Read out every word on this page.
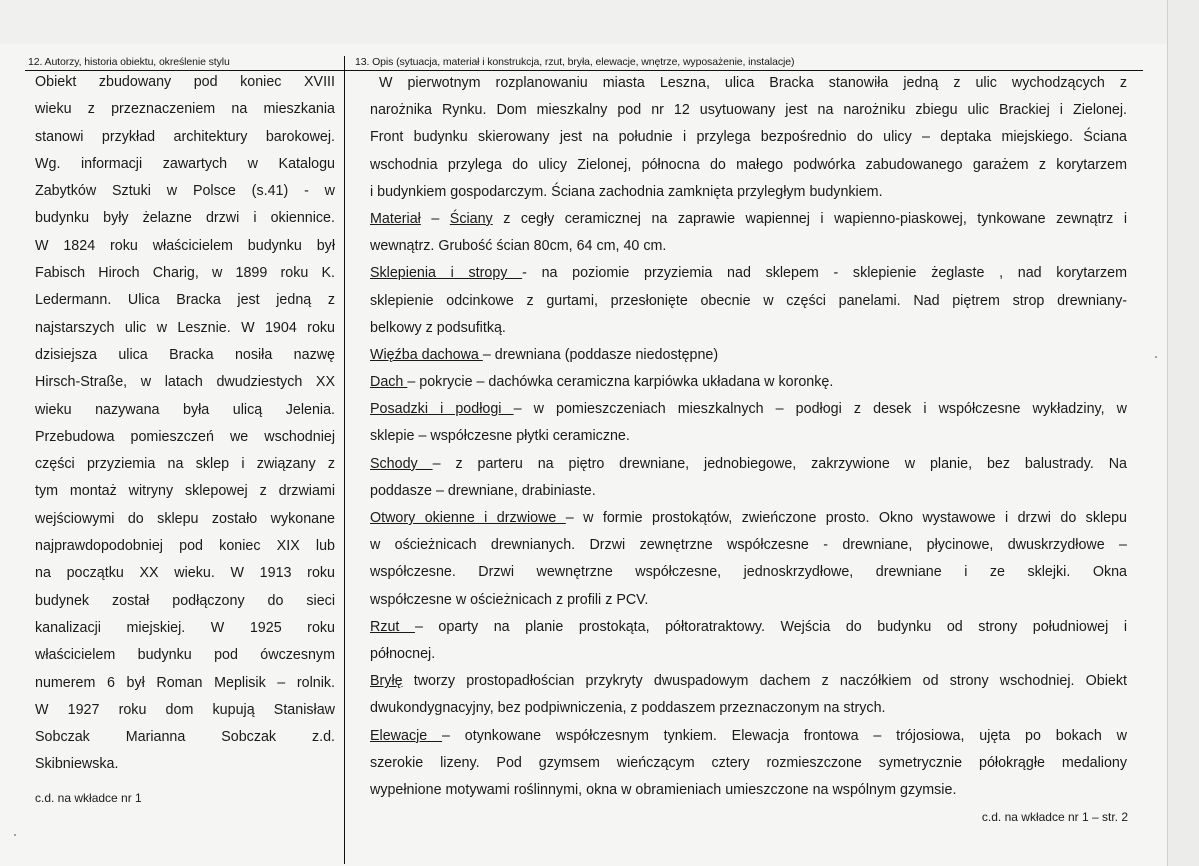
12. Autorzy, historia obiektu, określenie stylu	13. Opis (sytuacja, materiał i konstrukcja, rzut, bryła, elewacje, wnętrze, wyposażenie, instalacje)
Obiekt zbudowany pod koniec XVIII
wieku z przeznaczeniem na mieszkania
stanowi przykład architektury barokowej.
Wg. informacji zawartych w Katalogu
Zabytków Sztuki w Polsce (s.41) - w
budynku były żelazne drzwi i okiennice.
W 1824 roku właścicielem budynku był
Fabisch Hiroch Charig, w 1899 roku K.
Ledermann. Ulica Bracka jest jedną z
najstarszych ulic w Lesznie. W 1904 roku
dzisiejsza ulica Bracka nosiła nazwę
Hirsch-Straße, w latach dwudziestych XX
wieku nazywana była ulicą Jelenia.
Przebudowa pomieszczeń we wschodniej
części przyziemia na sklep i związany z
tym montaż witryny sklepowej z drzwiami
wejściowymi do sklepu zostało wykonane
najprawdopodobniej pod koniec XIX lub
na początku XX wieku. W 1913 roku
budynek został podłączony do sieci
kanalizacji miejskiej. W 1925 roku
właścicielem budynku pod ówczesnym
numerem 6 był Roman Meplisik – rolnik.
W 1927 roku dom kupują Stanisław
Sobczak Marianna Sobczak z.d.
Skibniewska.
c.d. na wkładce nr 1
W pierwotnym rozplanowaniu miasta Leszna, ulica Bracka stanowiła jedną z ulic wychodzących z
narożnika Rynku. Dom mieszkalny pod nr 12 usytuowany jest na narożniku zbiegu ulic Brackiej i Zielonej.
Front budynku skierowany jest na południe i przylega bezpośrednio do ulicy – deptaka miejskiego. Ściana
wschodnia przylega do ulicy Zielonej, północna do małego podwórka zabudowanego garażem z korytarzem
i budynkiem gospodarczym. Ściana zachodnia zamknięta przyległym budynkiem.
Materiał – Ściany z cegły ceramicznej na zaprawie wapiennej i wapienno-piaskowej, tynkowane zewnątrz i
wewnątrz. Grubość ścian 80cm, 64 cm, 40 cm.
Sklepienia i stropy - na poziomie przyziemia nad sklepem - sklepienie żeglaste , nad korytarzem
sklepienie odcinkowe z gurtami, przesłonięte obecnie w części panelami. Nad piętrem strop drewniany-
belkowy z podsufitką.
Więźba dachowa – drewniana (poddasze niedostępne)
Dach – pokrycie – dachówka ceramiczna karpiówka układana w koronkę.
Posadzki i podłogi – w pomieszczeniach mieszkalnych – podłogi z desek i współczesne wykładziny, w
sklepie – współczesne płytki ceramiczne.
Schody – z parteru na piętro drewniane, jednobiegowe, zakrzywione w planie, bez balustrady. Na
poddasze – drewniane, drabiniaste.
Otwory okienne i drzwiowe – w formie prostokątów, zwieńczone prosto. Okno wystawowe i drzwi do sklepu
w ościeżnicach drewnianych. Drzwi zewnętrzne współczesne - drewniane, płycinowe, dwuskrzydłowe –
współczesne. Drzwi wewnętrzne współczesne, jednoskrzydłowe, drewniane i ze sklejki. Okna
współczesne w ościeżnicach z profili z PCV.
Rzut – oparty na planie prostokąta, półtoratraktowy. Wejścia do budynku od strony południowej i
północnej.
Bryłę tworzy prostopadłościan przykryty dwuspadowym dachem z naczółkiem od strony wschodniej. Obiekt
dwukondygnacyjny, bez podpiwniczenia, z poddaszem przeznaczonym na strych.
Elewacje – otynkowane współczesnym tynkiem. Elewacja frontowa – trójosiowa, ujęta po bokach w
szerokie lizeny. Pod gzymsem wieńczącym cztery rozmieszczone symetrycznie półokrągłe medaliony
wypełnione motywami roślinnymi, okna w obramieniach umieszczone na wspólnym gzymsie.
c.d. na wkładce nr 1 – str. 2
